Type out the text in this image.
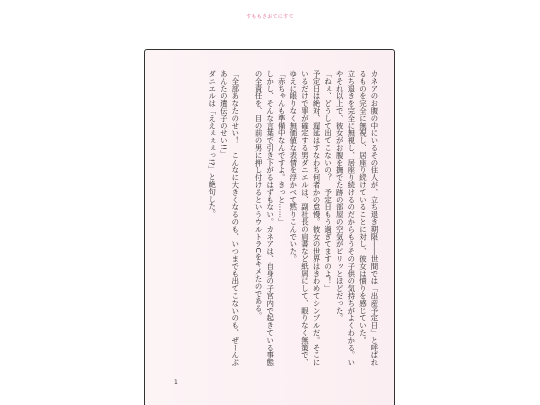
すももさおてにすて

カネアのお腹の中にいるその住人が、立ち退き期限――世間では「出産予定日」と呼ばれるものを完全に無視し、居座り続けていることに対し、彼女は憤りを感じていた。

立ち退きを完全に無視し、居座り続けるのだからもうその子供の気持ちがよくわかる。いやそれ以上で、彼女がお腹を撫でた跡の部屋の空気がピリッとほどだった。

「ねぇ、どうして出てこないの？　予定日もう過ぎてますのよ！」

予定日は絶対、遅延はすなわち何者かの怠慢。彼女の世界はきわめてシンプルだ。そこにいるだけで罪が確定する男ダニエルは、副社長の肩書など紙屑にして、眼りなく無策で、ゆえに眼りなく無価値な表情を浮かべて黙りこんでいた。

「赤ちゃんも準備中なんですよ。きっと……」

しかし、そんな言葉で引き下がるはずもない。カネアは、自身の子宮内で起きている事態の全責任を、目の前の男に押し付けるというウルトラCをキメたのである。

「全部あなたのせい！　こんなに大きくなるのも、いつまでも出てこないのも、ぜーんぶあんたの遺伝子のせい!!」

ダニエルは「ええぇぇぇっ!?」と絶句した。

1
